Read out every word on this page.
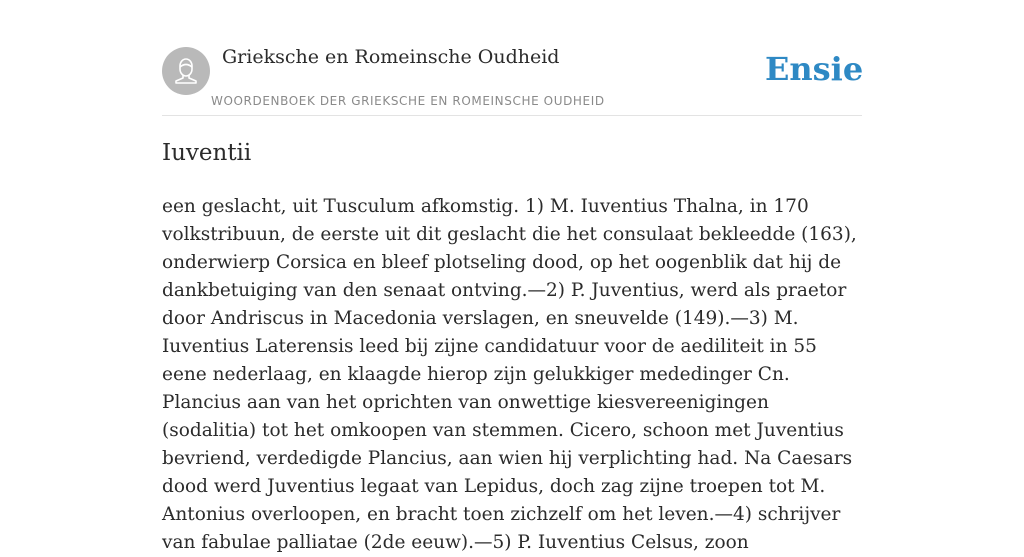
Grieksche en Romeinsche Oudheid
WOORDENBOEK DER GRIEKSCHE EN ROMEINSCHE OUDHEID
Ensie
Iuventii

een geslacht, uit Tusculum afkomstig. 1) M. Iuventius Thalna, in 170 volkstribuun, de eerste uit dit geslacht die het consulaat bekleedde (163), onderwierp Corsica en bleef plotseling dood, op het oogenblik dat hij de dankbetuiging van den senaat ontving.—2) P. Juventius, werd als praetor door Andriscus in Macedonia verslagen, en sneuvelde (149).—3) M. Iuventius Laterensis leed bij zijne candidatuur voor de aediliteit in 55 eene nederlaag, en klaagde hierop zijn gelukkiger mededinger Cn. Plancius aan van het oprichten van onwettige kiesvereenigingen (sodalitia) tot het omkoopen van stemmen. Cicero, schoon met Juventius bevriend, verdedigde Plancius, aan wien hij verplichting had. Na Caesars dood werd Juventius legaat van Lepidus, doch zag zijne troepen tot M. Antonius overloopen, en bracht toen zichzelf om het leven.—4) schrijver van fabulae palliatae (2de eeuw).—5) P. Iuventius Celsus, zoon
